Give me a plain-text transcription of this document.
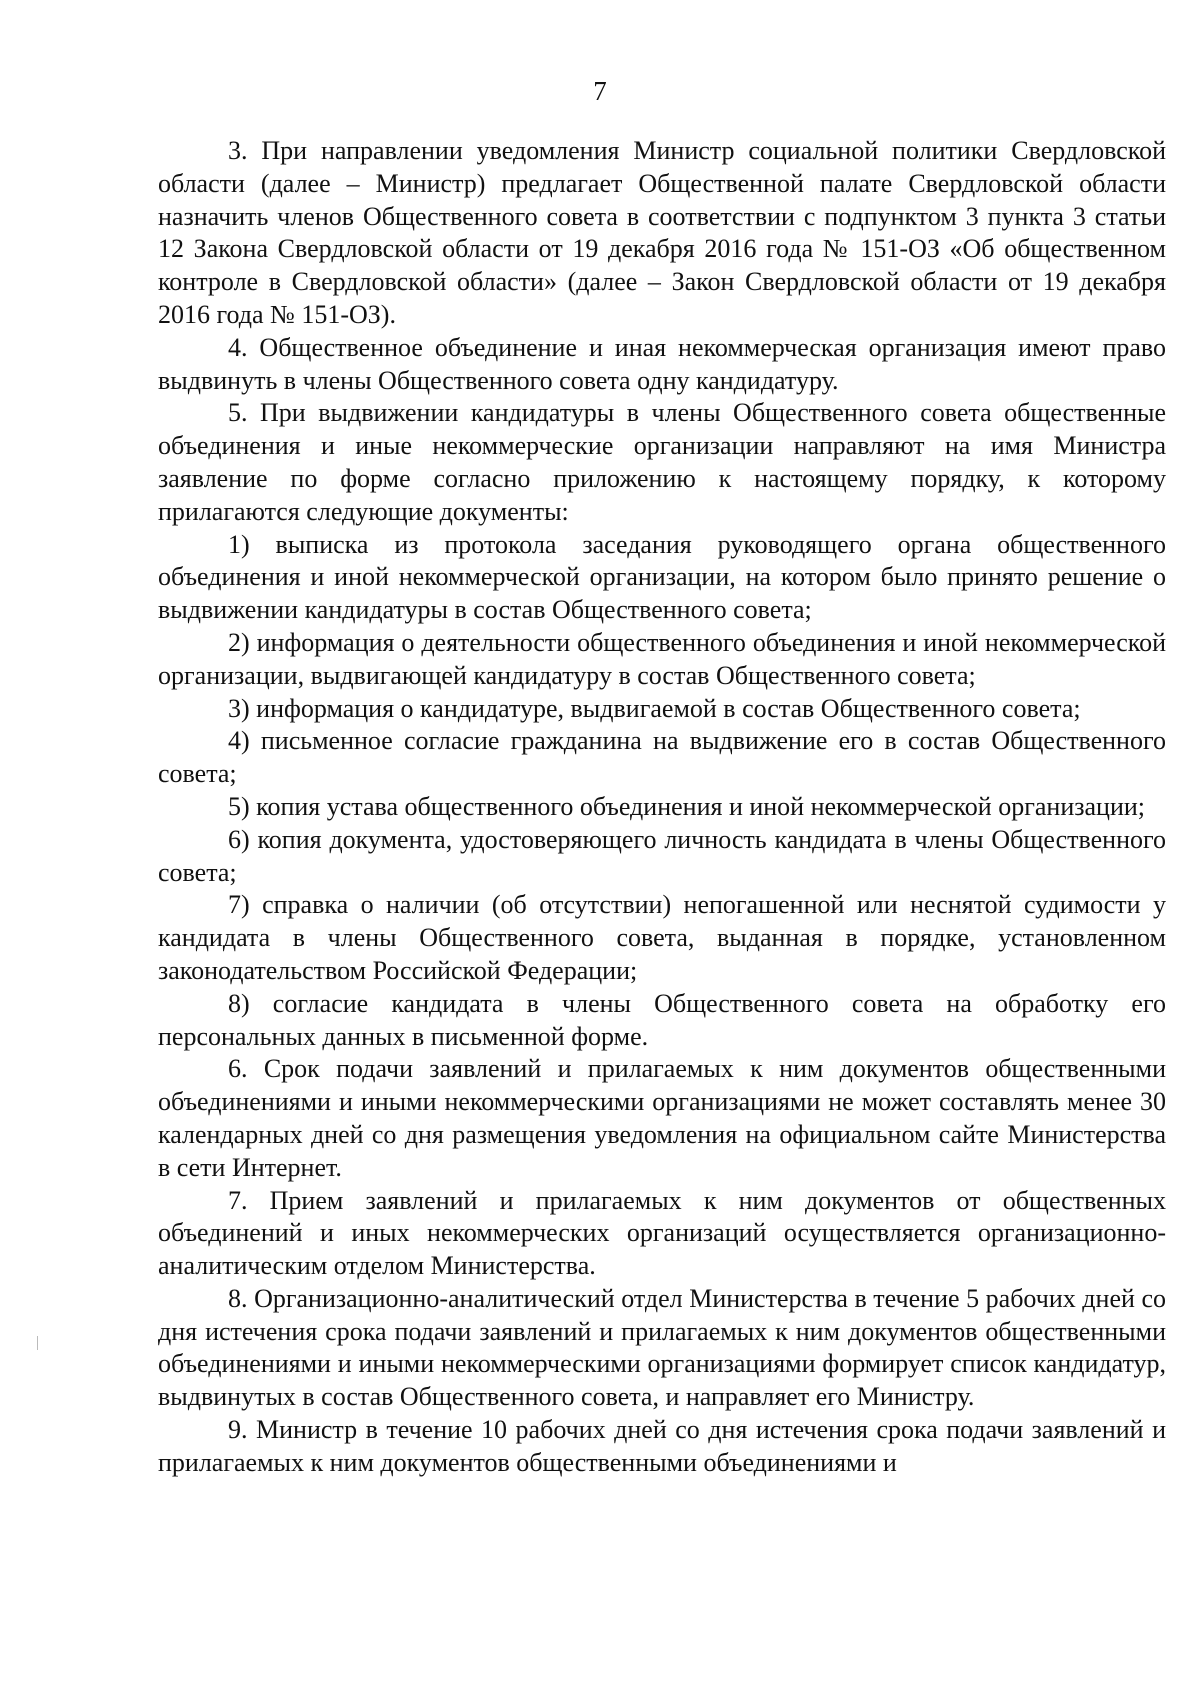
7

3. При направлении уведомления Министр социальной политики Свердловской области (далее – Министр) предлагает Общественной палате Свердловской области назначить членов Общественного совета в соответствии с подпунктом 3 пункта 3 статьи 12 Закона Свердловской области от 19 декабря 2016 года № 151-ОЗ «Об общественном контроле в Свердловской области» (далее – Закон Свердловской области от 19 декабря 2016 года № 151-ОЗ).

4. Общественное объединение и иная некоммерческая организация имеют право выдвинуть в члены Общественного совета одну кандидатуру.

5. При выдвижении кандидатуры в члены Общественного совета общественные объединения и иные некоммерческие организации направляют на имя Министра заявление по форме согласно приложению к настоящему порядку, к которому прилагаются следующие документы:

1) выписка из протокола заседания руководящего органа общественного объединения и иной некоммерческой организации, на котором было принято решение о выдвижении кандидатуры в состав Общественного совета;

2) информация о деятельности общественного объединения и иной некоммерческой организации, выдвигающей кандидатуру в состав Общественного совета;

3) информация о кандидатуре, выдвигаемой в состав Общественного совета;

4) письменное согласие гражданина на выдвижение его в состав Общественного совета;

5) копия устава общественного объединения и иной некоммерческой организации;

6) копия документа, удостоверяющего личность кандидата в члены Общественного совета;

7) справка о наличии (об отсутствии) непогашенной или неснятой судимости у кандидата в члены Общественного совета, выданная в порядке, установленном законодательством Российской Федерации;

8) согласие кандидата в члены Общественного совета на обработку его персональных данных в письменной форме.

6. Срок подачи заявлений и прилагаемых к ним документов общественными объединениями и иными некоммерческими организациями не может составлять менее 30 календарных дней со дня размещения уведомления на официальном сайте Министерства в сети Интернет.

7. Прием заявлений и прилагаемых к ним документов от общественных объединений и иных некоммерческих организаций осуществляется организационно-аналитическим отделом Министерства.

8. Организационно-аналитический отдел Министерства в течение 5 рабочих дней со дня истечения срока подачи заявлений и прилагаемых к ним документов общественными объединениями и иными некоммерческими организациями формирует список кандидатур, выдвинутых в состав Общественного совета, и направляет его Министру.

9. Министр в течение 10 рабочих дней со дня истечения срока подачи заявлений и прилагаемых к ним документов общественными объединениями и
